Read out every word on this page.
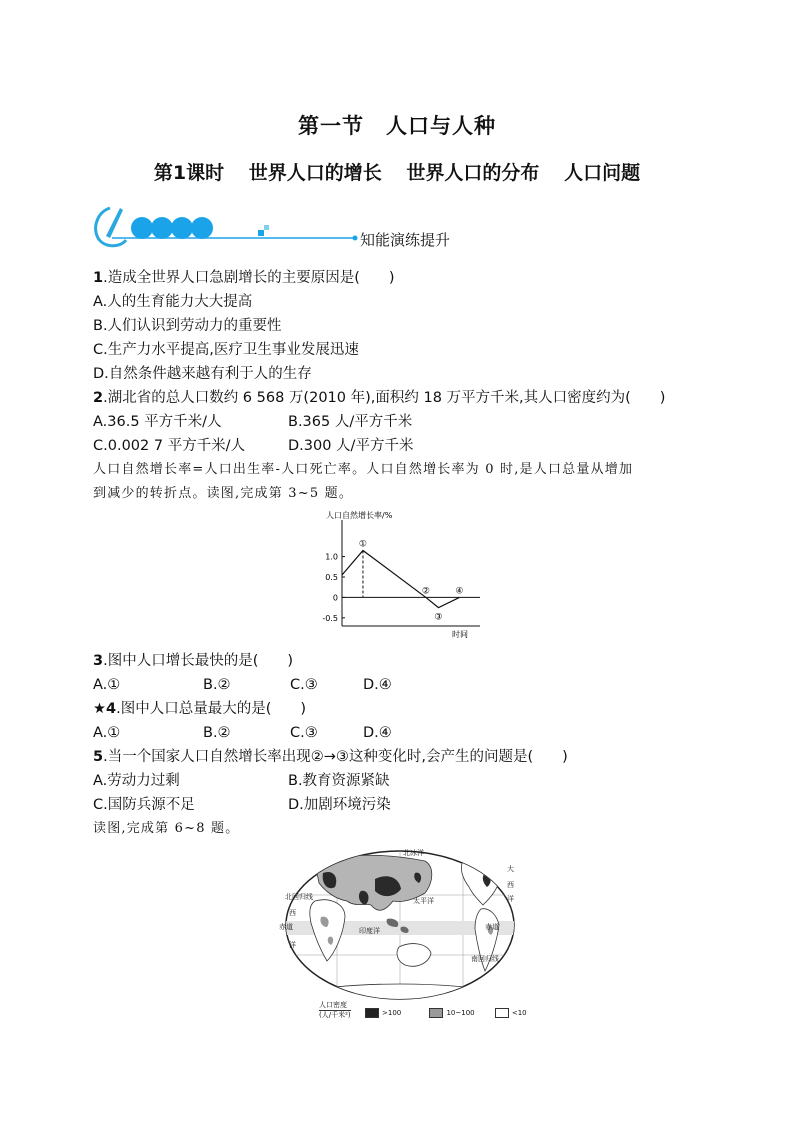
第一节　人口与人种
第1课时 世界人口的增长 世界人口的分布 人口问题
知能演练提升
1.造成全世界人口急剧增长的主要原因是(　　)
A.人的生育能力大大提高
B.人们认识到劳动力的重要性
C.生产力水平提高,医疗卫生事业发展迅速
D.自然条件越来越有利于人的生存
2.湖北省的总人口数约 6 568 万(2010 年),面积约 18 万平方千米,其人口密度约为(　　)
A.36.5 平方千米/人	B.365 人/平方千米
C.0.002 7 平方千米/人	D.300 人/平方千米
人口自然增长率=人口出生率-人口死亡率。人口自然增长率为 0 时,是人口总量从增加
到减少的转折点。读图,完成第 3~5 题。
人口自然增长率/%
时间
1.0
0.5
0
-0.5
①
②
③
④
3.图中人口增长最快的是(　　)
A.①	B.②	C.③	D.④
★4.图中人口总量最大的是(　　)
A.①	B.②	C.③	D.④
5.当一个国家人口自然增长率出现②→③这种变化时,会产生的问题是(　　)
A.劳动力过剩	B.教育资源紧缺
C.国防兵源不足	D.加剧环境污染
读图,完成第 6~8 题。
北冰洋
北回归线	太平洋
印度洋
赤道
大
西
洋
西
洋
南回归线
赤道
人口密度
(人/千米²)	>100	10~100	<10
